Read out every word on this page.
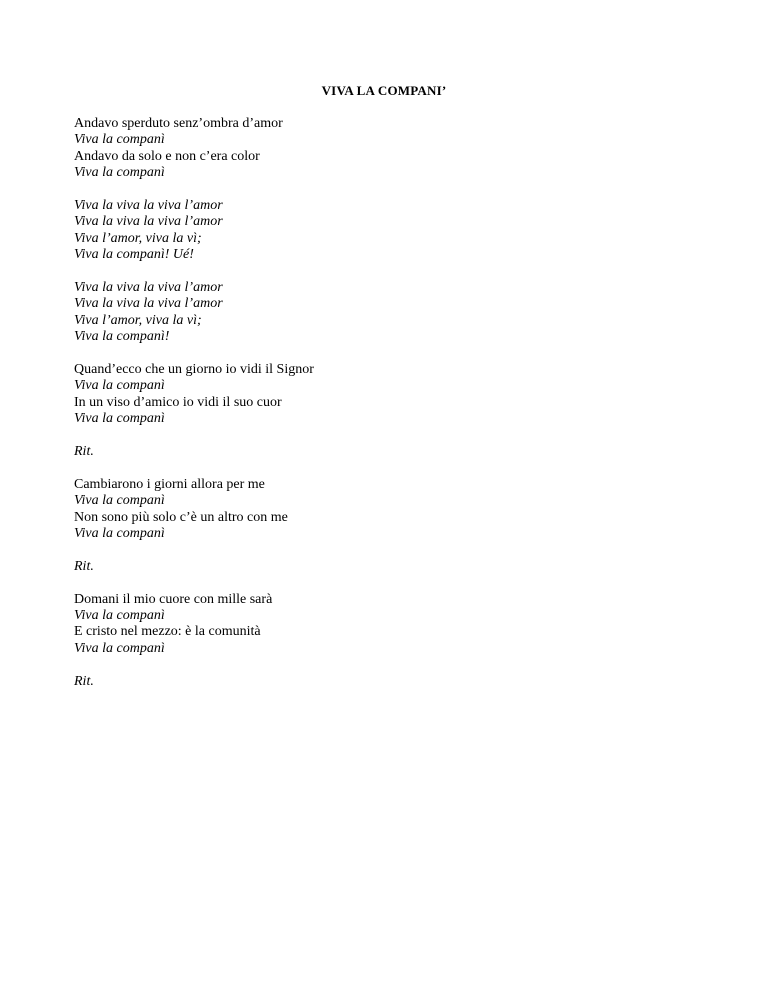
VIVA LA COMPANI’
Andavo sperduto senz’ombra d’amor
Viva la companì
Andavo da solo e non c’era color
Viva la companì
Viva la viva la viva l’amor
Viva la viva la viva l’amor
Viva l’amor, viva la vì;
Viva la companì! Ué!
Viva la viva la viva l’amor
Viva la viva la viva l’amor
Viva l’amor, viva la vì;
Viva la companì!
Quand’ecco che un giorno io vidi il Signor
Viva la companì
In un viso d’amico io vidi il suo cuor
Viva la companì
Rit.
Cambiarono i giorni allora per me
Viva la companì
Non sono più solo c’è un altro con me
Viva la companì
Rit.
Domani il mio cuore con mille sarà
Viva la companì
E cristo nel mezzo: è la comunità
Viva la companì
Rit.
